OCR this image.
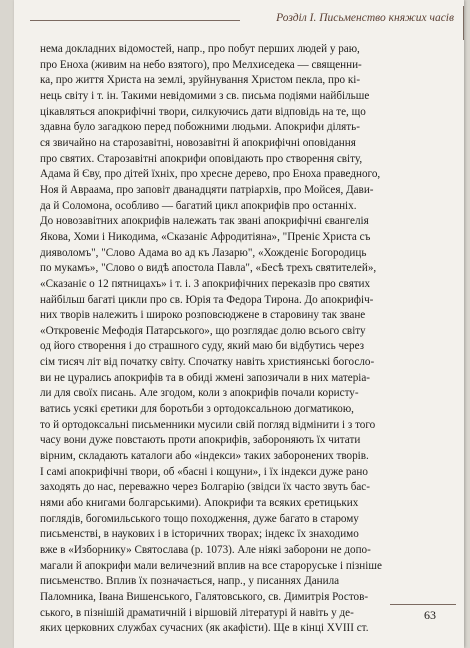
Розділ І. Письменство княжих часів
нема докладних відомостей, напр., про побут перших людей у раю,
про Еноха (живим на небо взятого), про Мелхиседека — священни-
ка, про життя Христа на землі, зруйнування Христом пекла, про кі-
нець світу і т. ін. Такими невідомими з св. письма подіями найбільше
цікавляться апокрифічні твори, силкуючись дати відповідь на те, що
здавна було загадкою перед побожними людьми. Апокрифи ділять-
ся звичайно на старозавітні, новозавітні й апокрифічні оповідання
про святих. Старозавітні апокрифи оповідають про створення світу,
Адама й Єву, про дітей їхніх, про хресне дерево, про Еноха праведного,
Ноя й Авраама, про заповіт дванадцяти патріархів, про Мойсея, Дави-
да й Соломона, особливо — багатий цикл апокрифів про останніх.
До новозавітних апокрифів належать так звані апокрифічні євангелія
Якова, Хоми і Никодима, «Сказаніє Афродитіяна», "Преніє Христа съ
дияволомъ", "Слово Адама во ад къ Лазарю", «Хожденіє Богородиць
по мукамъ», "Слово о видѣ апостола Павла", «Бесѣ трехъ святителей»,
«Сказаніє о 12 пятницахъ» і т. і. З апокрифічних переказів про святих
найбільш багаті цикли про св. Юрія та Федора Тирона. До апокрифіч-
них творів належить і широко розповсюджене в старовину так зване
«Откровеніє Мефодія Патарського», що розглядає долю всього світу
од його створення і до страшного суду, який маю би відбутись через
сім тисяч літ від початку світу. Спочатку навіть християнські богосло-
ви не цурались апокрифів та в обиді жмені запозичали в них матеріа-
ли для своїх писань. Але згодом, коли з апокрифів почали користу-
ватись усякі єретики для боротьби з ортодоксальною догматикою,
то й ортодоксальні письменники мусили свій погляд відмінити і з того
часу вони дуже повстають проти апокрифів, забороняють їх читати
вірним, складають каталоги або «індекси» таких заборонених творів.
І самі апокрифічні твори, об «басні і кощуни», і їх індекси дуже рано
заходять до нас, переважно через Болгарію (звідси їх часто звуть бас-
нями або книгами болгарськими). Апокрифи та всяких єретицьких
поглядів, богомильського тощо походження, дуже багато в старому
письменстві, в наукових і в історичних творах; індекс їх знаходимо
вже в «Изборнику» Святослава (р. 1073). Але ніякі заборони не допо-
магали й апокрифи мали величезний вплив на все староруське і пізніше
письменство. Вплив їх позначається, напр., у писаннях Данила
Паломника, Івана Вишенського, Галятовського, св. Димитрія Ростов-
ського, в пізнішій драматичній і віршовій літературі й навіть у де-
яких церковних службах сучасних (як акафісти). Ще в кінці XVIII ст.
63
